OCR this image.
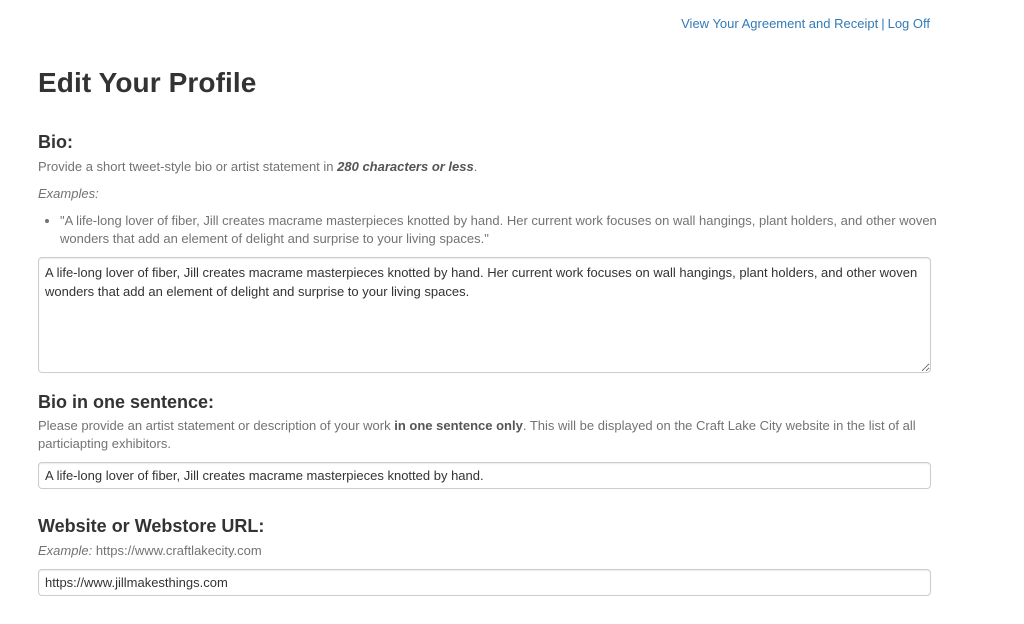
View Your Agreement and Receipt | Log Off
Edit Your Profile
Bio:

Provide a short tweet-style bio or artist statement in 280 characters or less.

Examples:

• "A life-long lover of fiber, Jill creates macrame masterpieces knotted by hand. Her current work focuses on wall hangings, plant holders, and other woven wonders that add an element of delight and surprise to your living spaces."
A life-long lover of fiber, Jill creates macrame masterpieces knotted by hand. Her current work focuses on wall hangings, plant holders, and other woven wonders that add an element of delight and surprise to your living spaces.
Bio in one sentence:

Please provide an artist statement or description of your work in one sentence only. This will be displayed on the Craft Lake City website in the list of all particiapting exhibitors.

A life-long lover of fiber, Jill creates macrame masterpieces knotted by hand.
Website or Webstore URL:

Example: https://www.craftlakecity.com

https://www.jillmakesthings.com
